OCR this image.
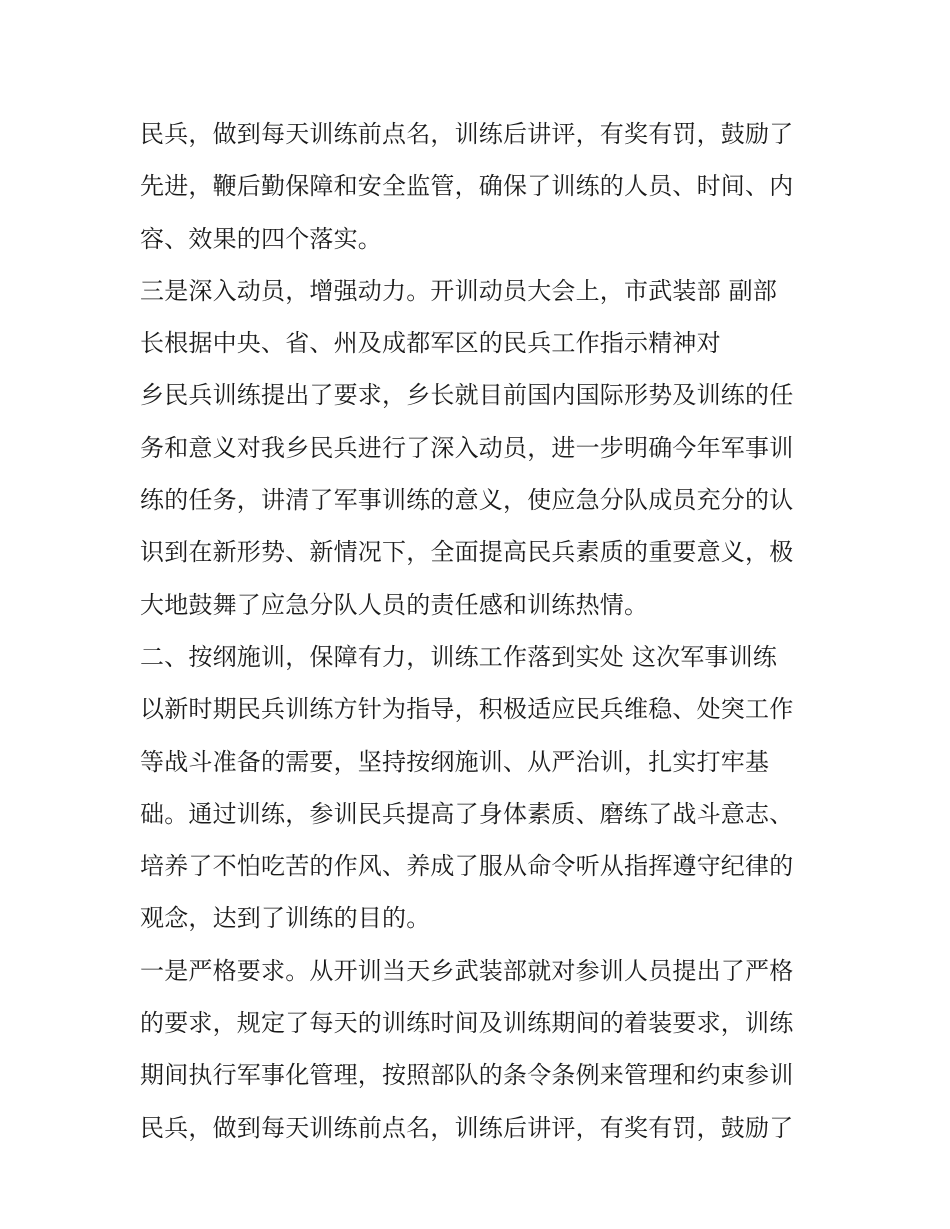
民兵，做到每天训练前点名，训练后讲评，有奖有罚，鼓励了
先进，鞭后勤保障和安全监管，确保了训练的人员、时间、内
容、效果的四个落实。
三是深入动员，增强动力。开训动员大会上，市武装部 副部
长根据中央、省、州及成都军区的民兵工作指示精神对
乡民兵训练提出了要求，乡长就目前国内国际形势及训练的任
务和意义对我乡民兵进行了深入动员，进一步明确今年军事训
练的任务，讲清了军事训练的意义，使应急分队成员充分的认
识到在新形势、新情况下，全面提高民兵素质的重要意义，极
大地鼓舞了应急分队人员的责任感和训练热情。
二、按纲施训，保障有力，训练工作落到实处 这次军事训练
以新时期民兵训练方针为指导，积极适应民兵维稳、处突工作
等战斗准备的需要，坚持按纲施训、从严治训，扎实打牢基
础。通过训练，参训民兵提高了身体素质、磨练了战斗意志、
培养了不怕吃苦的作风、养成了服从命令听从指挥遵守纪律的
观念，达到了训练的目的。
一是严格要求。从开训当天乡武装部就对参训人员提出了严格
的要求，规定了每天的训练时间及训练期间的着装要求，训练
期间执行军事化管理，按照部队的条令条例来管理和约束参训
民兵，做到每天训练前点名，训练后讲评，有奖有罚，鼓励了
